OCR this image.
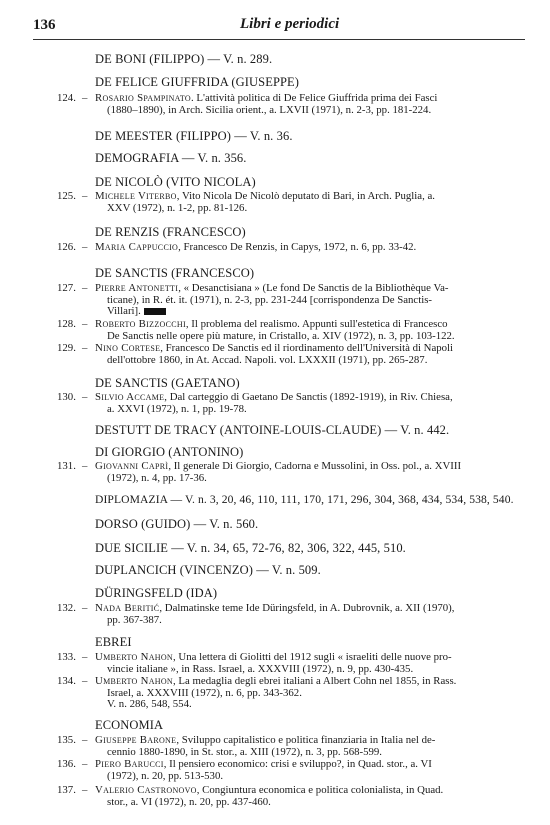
136	Libri e periodici
DE BONI (FILIPPO) — V. n. 289.
DE FELICE GIUFFRIDA (GIUSEPPE)
124. – Rosario Spampinato. L'attività politica di De Felice Giuffrida prima dei Fasci
(1880–1890), in Arch. Sicilia orient., a. LXVII (1971), n. 2-3, pp. 181-224.
DE MEESTER (FILIPPO) — V. n. 36.
DEMOGRAFIA — V. n. 356.
DE NICOLÒ (VITO NICOLA)
125. – Michele Viterbo, Vito Nicola De Nicolò deputato di Bari, in Arch. Puglia, a.
XXV (1972), n. 1-2, pp. 81-126.
DE RENZIS (FRANCESCO)
126. – Maria Cappuccio, Francesco De Renzis, in Capys, 1972, n. 6, pp. 33-42.
DE SANCTIS (FRANCESCO)
127. – Pierre Antonetti, « Desanctisiana » (Le fond De Sanctis de la Bibliothèque Va-
ticane), in R. ét. it. (1971), n. 2-3, pp. 231-244 [corrispondenza De Sanctis-
Villari].
128. – Roberto Bizzocchi, Il problema del realismo. Appunti sull'estetica di Francesco
De Sanctis nelle opere più mature, in Cristallo, a. XIV (1972), n. 3, pp. 103-122.
129. – Nino Cortese, Francesco De Sanctis ed il riordinamento dell'Università di Napoli
dell'ottobre 1860, in At. Accad. Napoli. vol. LXXXII (1971), pp. 265-287.
DE SANCTIS (GAETANO)
130. – Silvio Accame, Dal carteggio di Gaetano De Sanctis (1892-1919), in Riv. Chiesa,
a. XXVI (1972), n. 1, pp. 19-78.
DESTUTT DE TRACY (ANTOINE-LOUIS-CLAUDE) — V. n. 442.
DI GIORGIO (ANTONINO)
131. – Giovanni Caprì, Il generale Di Giorgio, Cadorna e Mussolini, in Oss. pol., a. XVIII
(1972), n. 4, pp. 17-36.
DIPLOMAZIA — V. n. 3, 20, 46, 110, 111, 170, 171, 296, 304, 368, 434, 534, 538, 540.
DORSO (GUIDO) — V. n. 560.
DUE SICILIE — V. n. 34, 65, 72-76, 82, 306, 322, 445, 510.
DUPLANCICH (VINCENZO) — V. n. 509.
DÜRINGSFELD (IDA)
132. – Nada Beritić, Dalmatinske teme Ide Düringsfeld, in A. Dubrovnik, a. XII (1970),
pp. 367-387.
EBREI
133. – Umberto Nahon, Una lettera di Giolitti del 1912 sugli « israeliti delle nuove pro-
vincie italiane », in Rass. Israel, a. XXXVIII (1972), n. 9, pp. 430-435.
134. – Umberto Nahon, La medaglia degli ebrei italiani a Albert Cohn nel 1855, in Rass.
Israel, a. XXXVIII (1972), n. 6, pp. 343-362.
V. n. 286, 548, 554.
ECONOMIA
135. – Giuseppe Barone, Sviluppo capitalistico e politica finanziaria in Italia nel de-
cennio 1880-1890, in St. stor., a. XIII (1972), n. 3, pp. 568-599.
136. – Piero Barucci, Il pensiero economico: crisi e sviluppo?, in Quad. stor., a. VI
(1972), n. 20, pp. 513-530.
137. – Valerio Castronovo, Congiuntura economica e politica colonialista, in Quad.
stor., a. VI (1972), n. 20, pp. 437-460.
